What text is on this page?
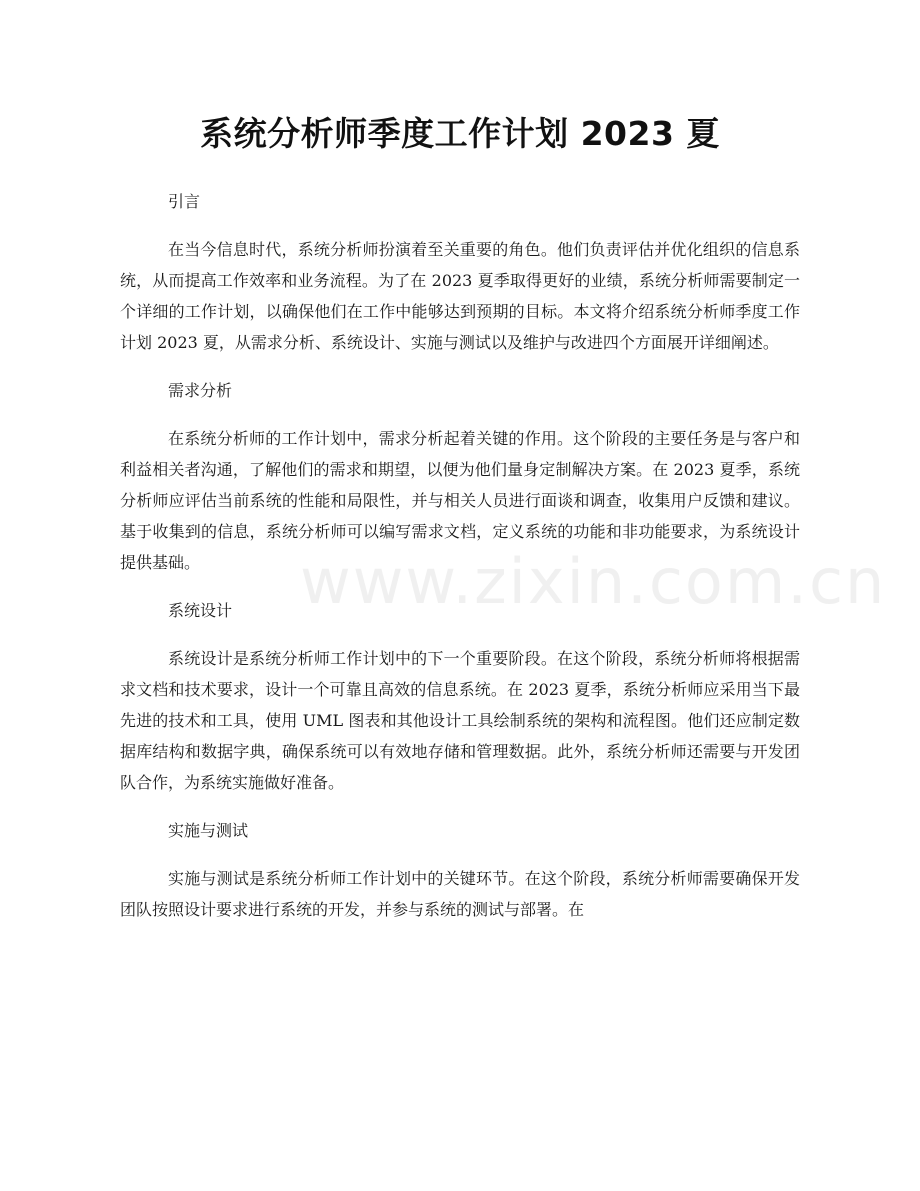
系统分析师季度工作计划 2023 夏
www.zixin.com.cn

引言

在当今信息时代，系统分析师扮演着至关重要的角色。他们负责评估并优化组织的信息系统，从而提高工作效率和业务流程。为了在 2023 夏季取得更好的业绩，系统分析师需要制定一个详细的工作计划，以确保他们在工作中能够达到预期的目标。本文将介绍系统分析师季度工作计划 2023 夏，从需求分析、系统设计、实施与测试以及维护与改进四个方面展开详细阐述。

需求分析

在系统分析师的工作计划中，需求分析起着关键的作用。这个阶段的主要任务是与客户和利益相关者沟通，了解他们的需求和期望，以便为他们量身定制解决方案。在 2023 夏季，系统分析师应评估当前系统的性能和局限性，并与相关人员进行面谈和调查，收集用户反馈和建议。基于收集到的信息，系统分析师可以编写需求文档，定义系统的功能和非功能要求，为系统设计提供基础。

系统设计

系统设计是系统分析师工作计划中的下一个重要阶段。在这个阶段，系统分析师将根据需求文档和技术要求，设计一个可靠且高效的信息系统。在 2023 夏季，系统分析师应采用当下最先进的技术和工具，使用 UML 图表和其他设计工具绘制系统的架构和流程图。他们还应制定数据库结构和数据字典，确保系统可以有效地存储和管理数据。此外，系统分析师还需要与开发团队合作，为系统实施做好准备。

实施与测试

实施与测试是系统分析师工作计划中的关键环节。在这个阶段，系统分析师需要确保开发团队按照设计要求进行系统的开发，并参与系统的测试与部署。在
